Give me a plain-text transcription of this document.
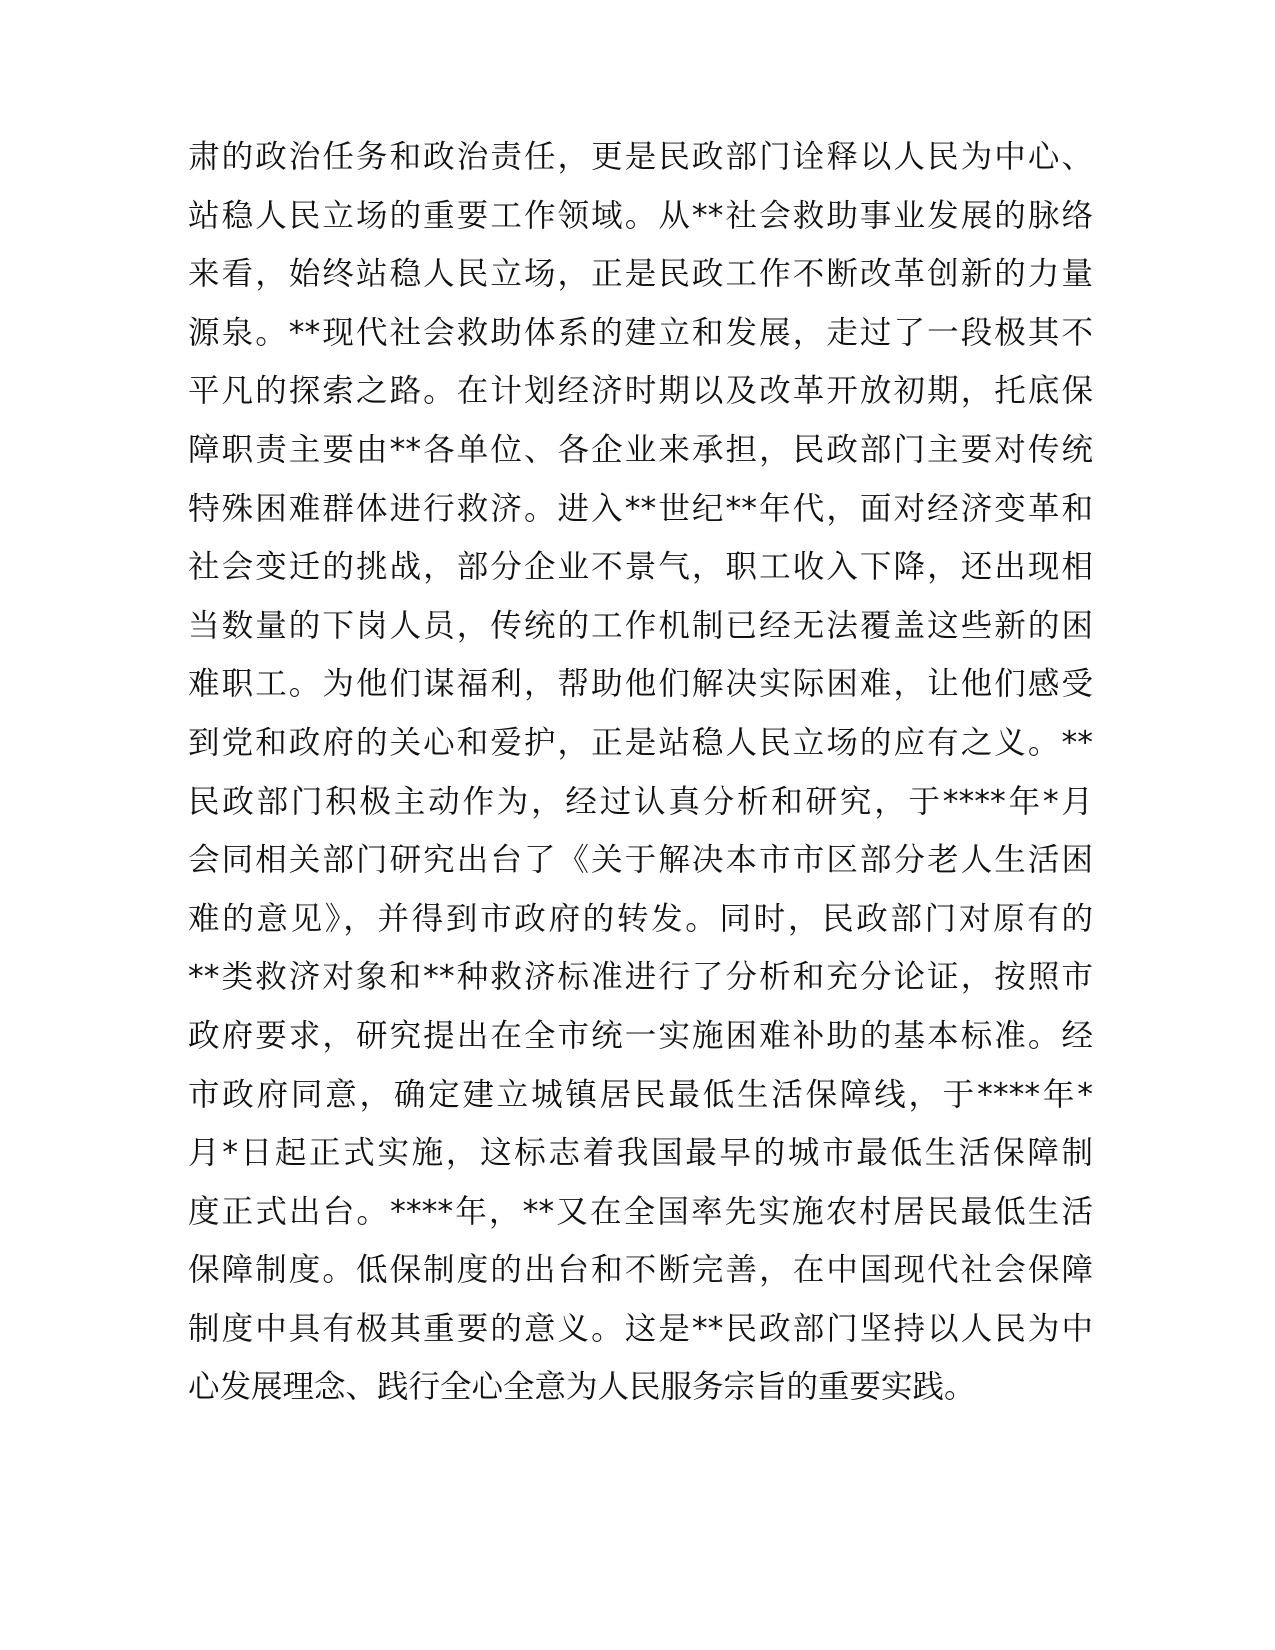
肃的政治任务和政治责任，更是民政部门诠释以人民为中心、
站稳人民立场的重要工作领域。从**社会救助事业发展的脉络
来看，始终站稳人民立场，正是民政工作不断改革创新的力量
源泉。**现代社会救助体系的建立和发展，走过了一段极其不
平凡的探索之路。在计划经济时期以及改革开放初期，托底保
障职责主要由**各单位、各企业来承担，民政部门主要对传统
特殊困难群体进行救济。进入**世纪**年代，面对经济变革和
社会变迁的挑战，部分企业不景气，职工收入下降，还出现相
当数量的下岗人员，传统的工作机制已经无法覆盖这些新的困
难职工。为他们谋福利，帮助他们解决实际困难，让他们感受
到党和政府的关心和爱护，正是站稳人民立场的应有之义。**
民政部门积极主动作为，经过认真分析和研究，于****年*月
会同相关部门研究出台了《关于解决本市市区部分老人生活困
难的意见》，并得到市政府的转发。同时，民政部门对原有的
**类救济对象和**种救济标准进行了分析和充分论证，按照市
政府要求，研究提出在全市统一实施困难补助的基本标准。经
市政府同意，确定建立城镇居民最低生活保障线，于****年*
月*日起正式实施，这标志着我国最早的城市最低生活保障制
度正式出台。****年，**又在全国率先实施农村居民最低生活
保障制度。低保制度的出台和不断完善，在中国现代社会保障
制度中具有极其重要的意义。这是**民政部门坚持以人民为中
心发展理念、践行全心全意为人民服务宗旨的重要实践。
